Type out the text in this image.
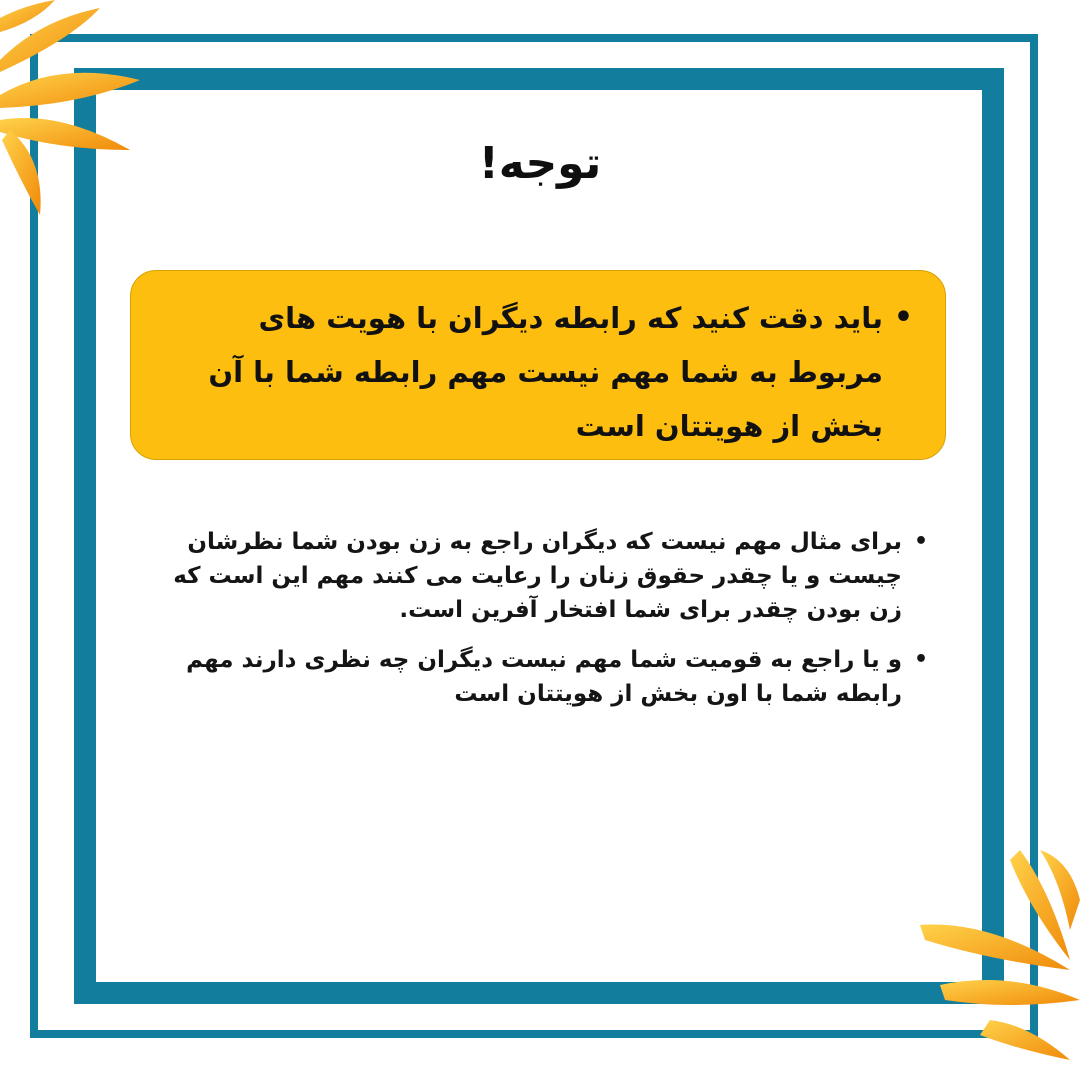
توجه!
• باید دقت کنید که رابطه دیگران با هویت های مربوط به شما مهم نیست مهم رابطه شما با آن بخش از هویتتان است
• برای مثال مهم نیست که دیگران راجع به زن بودن شما نظرشان چیست و یا چقدر حقوق زنان را رعایت می کنند مهم این است که زن بودن چقدر برای شما افتخار آفرین است.
• و یا راجع به قومیت شما مهم نیست دیگران چه نظری دارند مهم رابطه شما با اون بخش از هویتتان است
